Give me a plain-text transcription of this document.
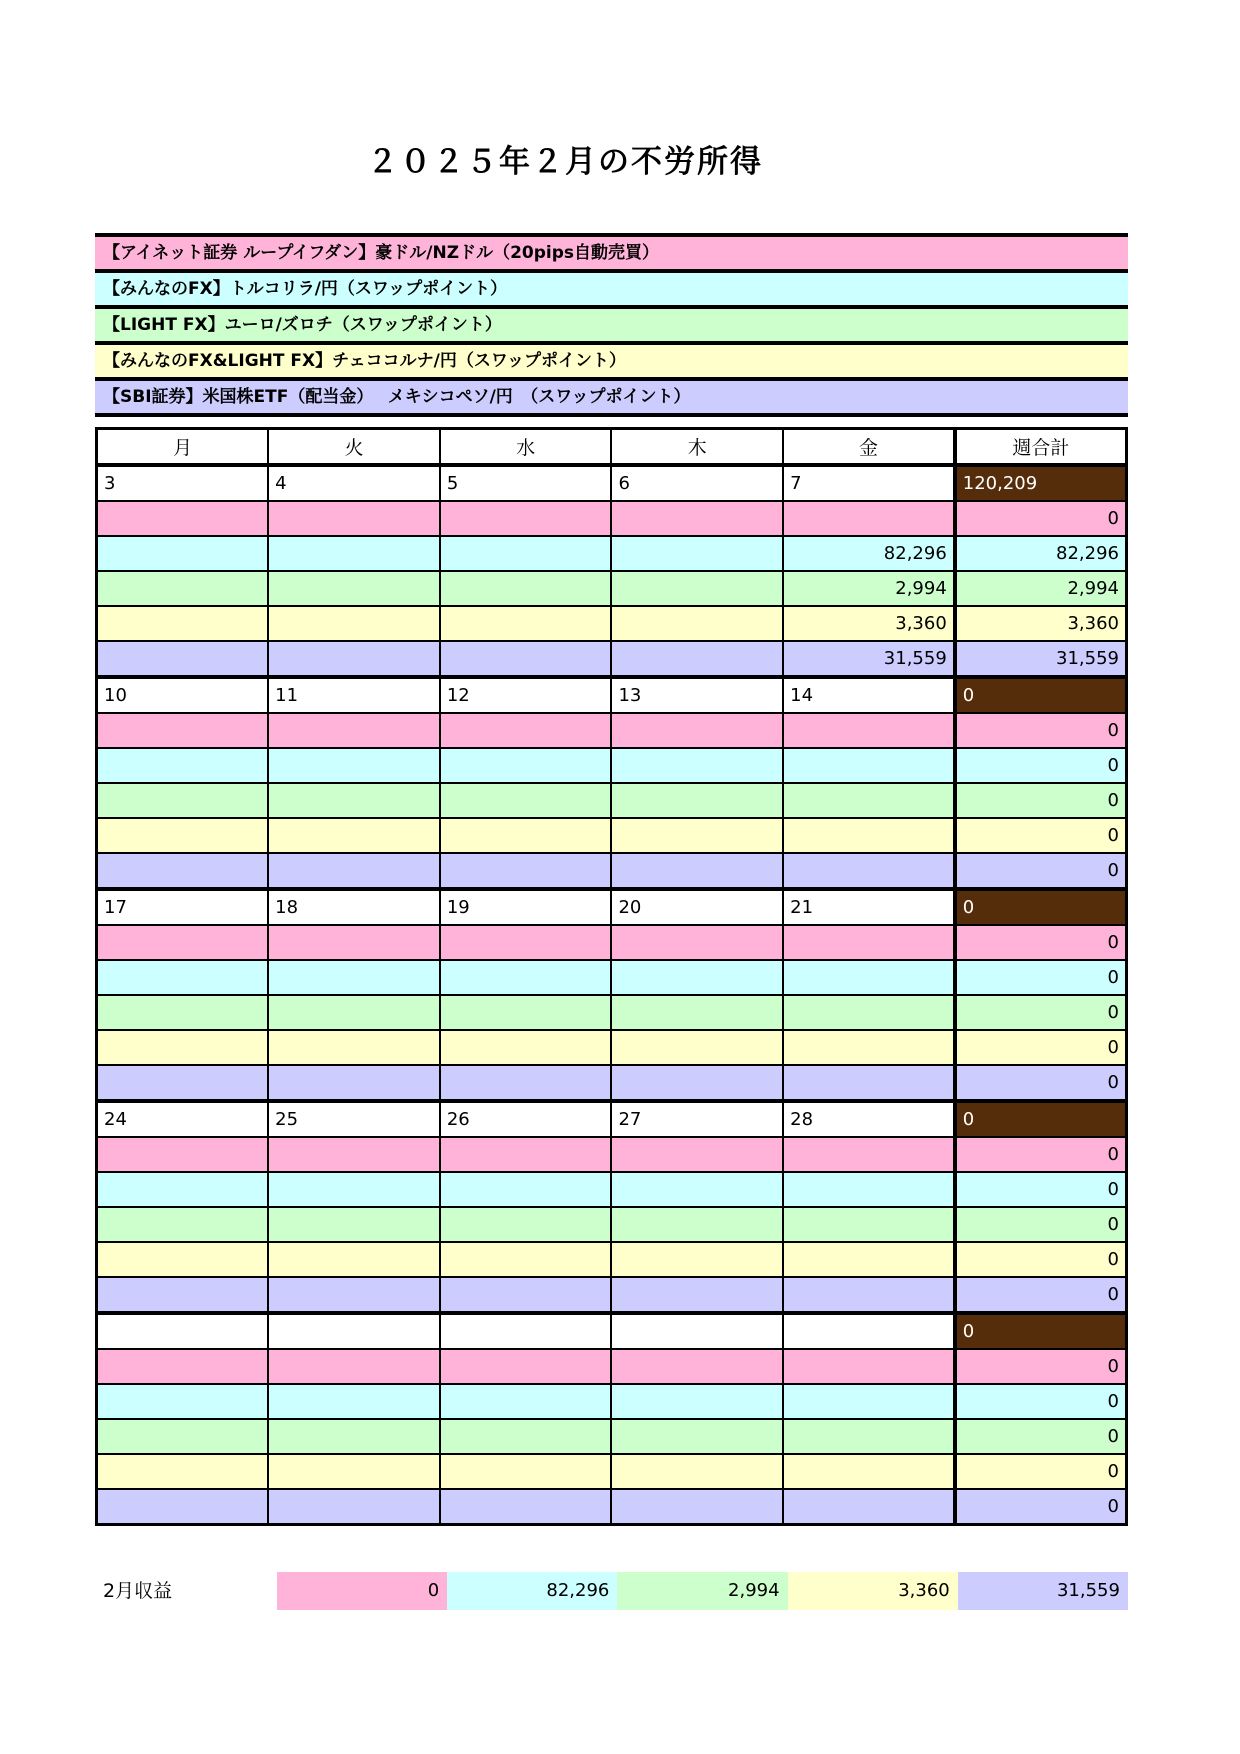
２０２５年２月の不労所得
【アイネット証券 ループイフダン】豪ドル/NZドル（20pips自動売買）
【みんなのFX】トルコリラ/円（スワップポイント）
【LIGHT FX】ユーロ/ズロチ（スワップポイント）
【みんなのFX&LIGHT FX】チェココルナ/円（スワップポイント）
【SBI証券】米国株ETF（配当金）　 メキシコペソ/円　（スワップポイント）
月	火	水	木	金	週合計
3	4	5	6	7	120,209
					0
				82,296	82,296
				2,994	2,994
				3,360	3,360
				31,559	31,559
10	11	12	13	14	0
					0
					0
					0
					0
					0
17	18	19	20	21	0
					0
					0
					0
					0
					0
24	25	26	27	28	0
					0
					0
					0
					0
					0
					0
					0
					0
					0
					0
					0
2月収益	0	82,296	2,994	3,360	31,559
